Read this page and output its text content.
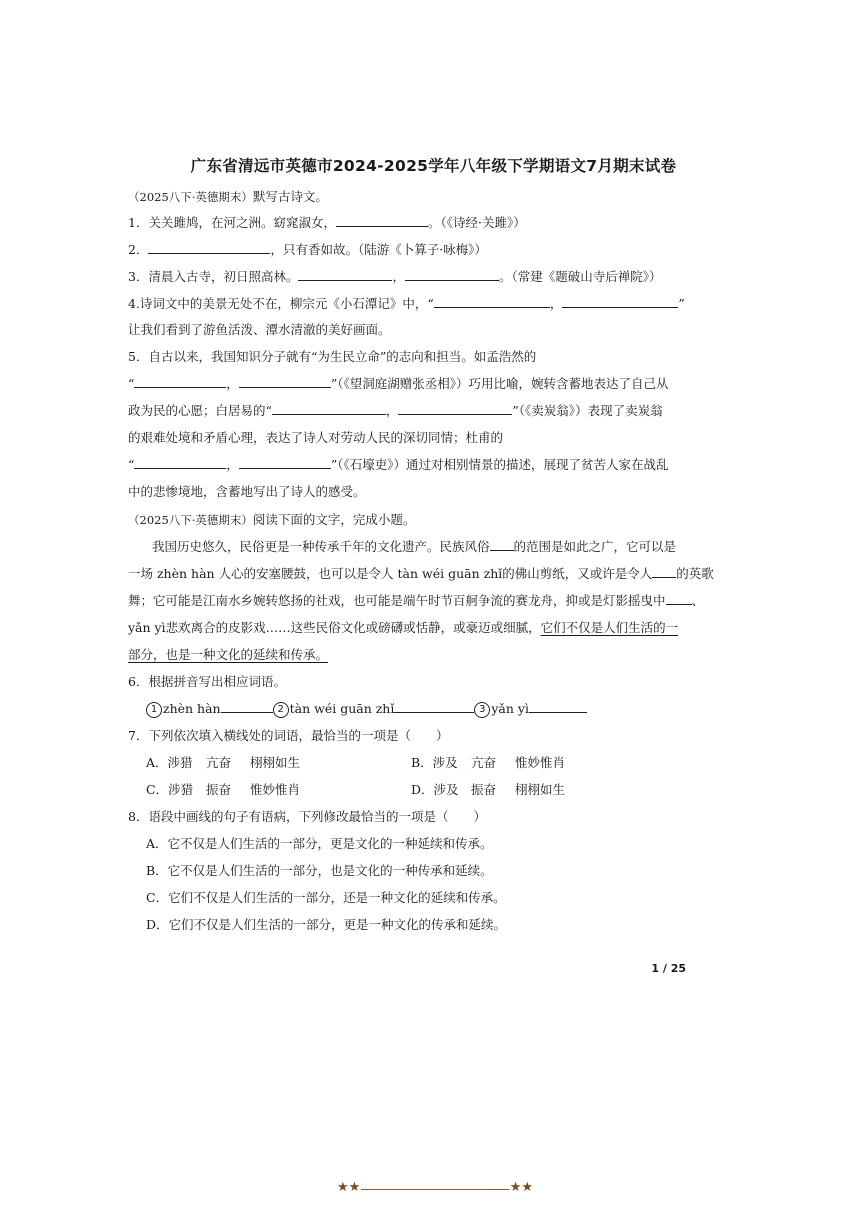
广东省清远市英德市2024-2025学年八年级下学期语文7月期末试卷
（2025八下·英德期末）默写古诗文。
1．关关雎鸠，在河之洲。窈窕淑女，	。（《诗经·关雎》）
2．	，只有香如故。（陆游《卜算子·咏梅》）
3．清晨入古寺，初日照高林。	，	。（常建《题破山寺后禅院》）
4.诗词文中的美景无处不在，柳宗元《小石潭记》中，“	，	”
让我们看到了游鱼活泼、潭水清澈的美好画面。
5．自古以来，我国知识分子就有“为生民立命”的志向和担当。如孟浩然的
“	，	”（《望洞庭湖赠张丞相》）巧用比喻，婉转含蓄地表达了自己从
政为民的心愿；白居易的“	，	”（《卖炭翁》）表现了卖炭翁
的艰难处境和矛盾心理，表达了诗人对劳动人民的深切同情；杜甫的
“	，	”（《石壕吏》）通过对相别情景的描述，展现了贫苦人家在战乱
中的悲惨境地，含蓄地写出了诗人的感受。
（2025八下·英德期末）阅读下面的文字，完成小题。
我国历史悠久，民俗更是一种传承千年的文化遗产。民族风俗 的范围是如此之广，它可以是
一场 zhèn hàn 人心的安塞腰鼓，也可以是令人 tàn wéi guān zhǐ的佛山剪纸，又或许是令人 的英歌
舞；它可能是江南水乡婉转悠扬的社戏，也可能是端午时节百舸争流的赛龙舟，抑或是灯影摇曳中 、
yǎn yì悲欢离合的皮影戏……这些民俗文化或磅礴或恬静，或豪迈或细腻，它们不仅是人们生活的一
部分，也是一种文化的延续和传承。
6．根据拼音写出相应词语。
1 zhèn hàn	2 tàn wéi guān zhǐ	3 yǎn yì
7．下列依次填入横线处的词语，最恰当的一项是（　　）
A．涉猎 亢奋 栩栩如生	B．涉及 亢奋 惟妙惟肖
C．涉猎 振奋 惟妙惟肖	D．涉及 振奋 栩栩如生
8．语段中画线的句子有语病，下列修改最恰当的一项是（　　）
A．它不仅是人们生活的一部分，更是文化的一种延续和传承。
B．它不仅是人们生活的一部分，也是文化的一种传承和延续。
C．它们不仅是人们生活的一部分，还是一种文化的延续和传承。
D．它们不仅是人们生活的一部分，更是一种文化的传承和延续。
1 / 25
★★	★★
